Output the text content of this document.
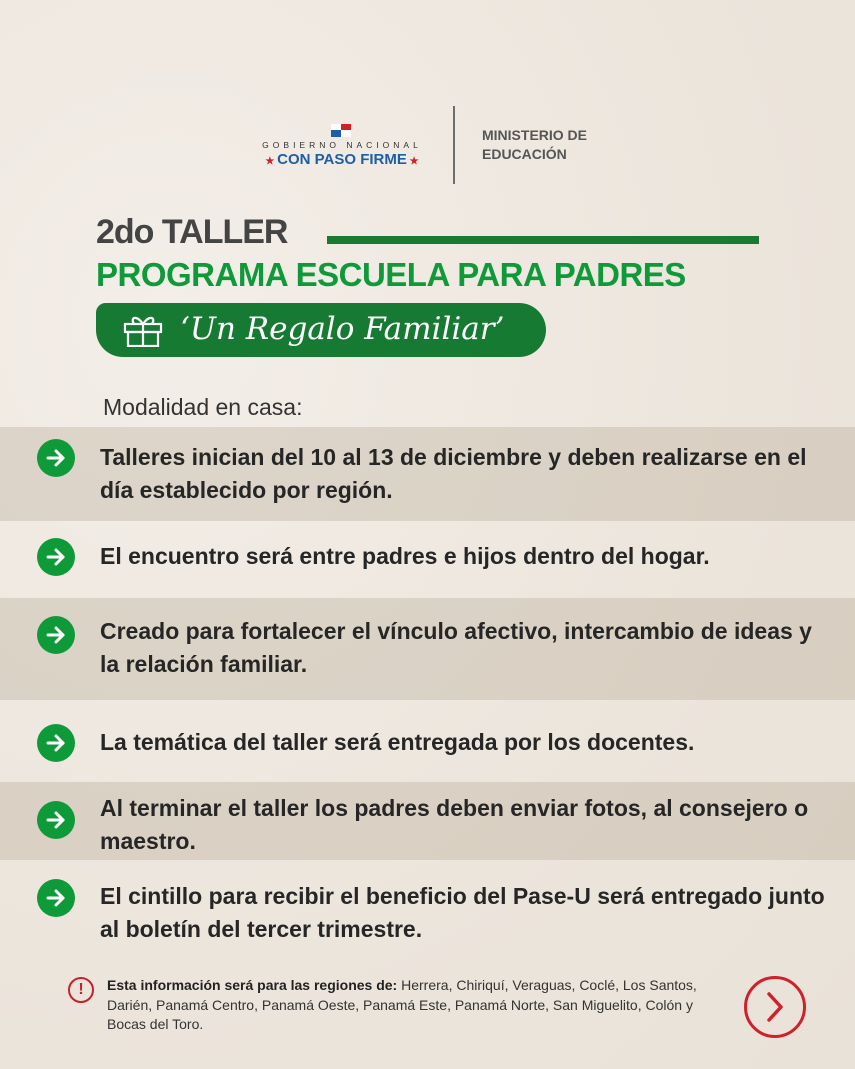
GOBIERNO NACIONAL
★ CON PASO FIRME ★
MINISTERIO DE
EDUCACIÓN
2do TALLER
PROGRAMA ESCUELA PARA PADRES
‘Un Regalo Familiar’
Modalidad en casa:
Talleres inician del 10 al 13 de diciembre y deben realizarse en el día establecido por región.
El encuentro será entre padres e hijos dentro del hogar.
Creado para fortalecer el vínculo afectivo, intercambio de ideas y la relación familiar.
La temática del taller será entregada por los docentes.
Al terminar el taller los padres deben enviar fotos, al consejero o maestro.
El cintillo para recibir el beneficio del Pase-U será entregado junto al boletín del tercer trimestre.
!	Esta información será para las regiones de: Herrera, Chiriquí, Veraguas, Coclé, Los Santos, Darién, Panamá Centro, Panamá Oeste, Panamá Este, Panamá Norte, San Miguelito, Colón y Bocas del Toro.
